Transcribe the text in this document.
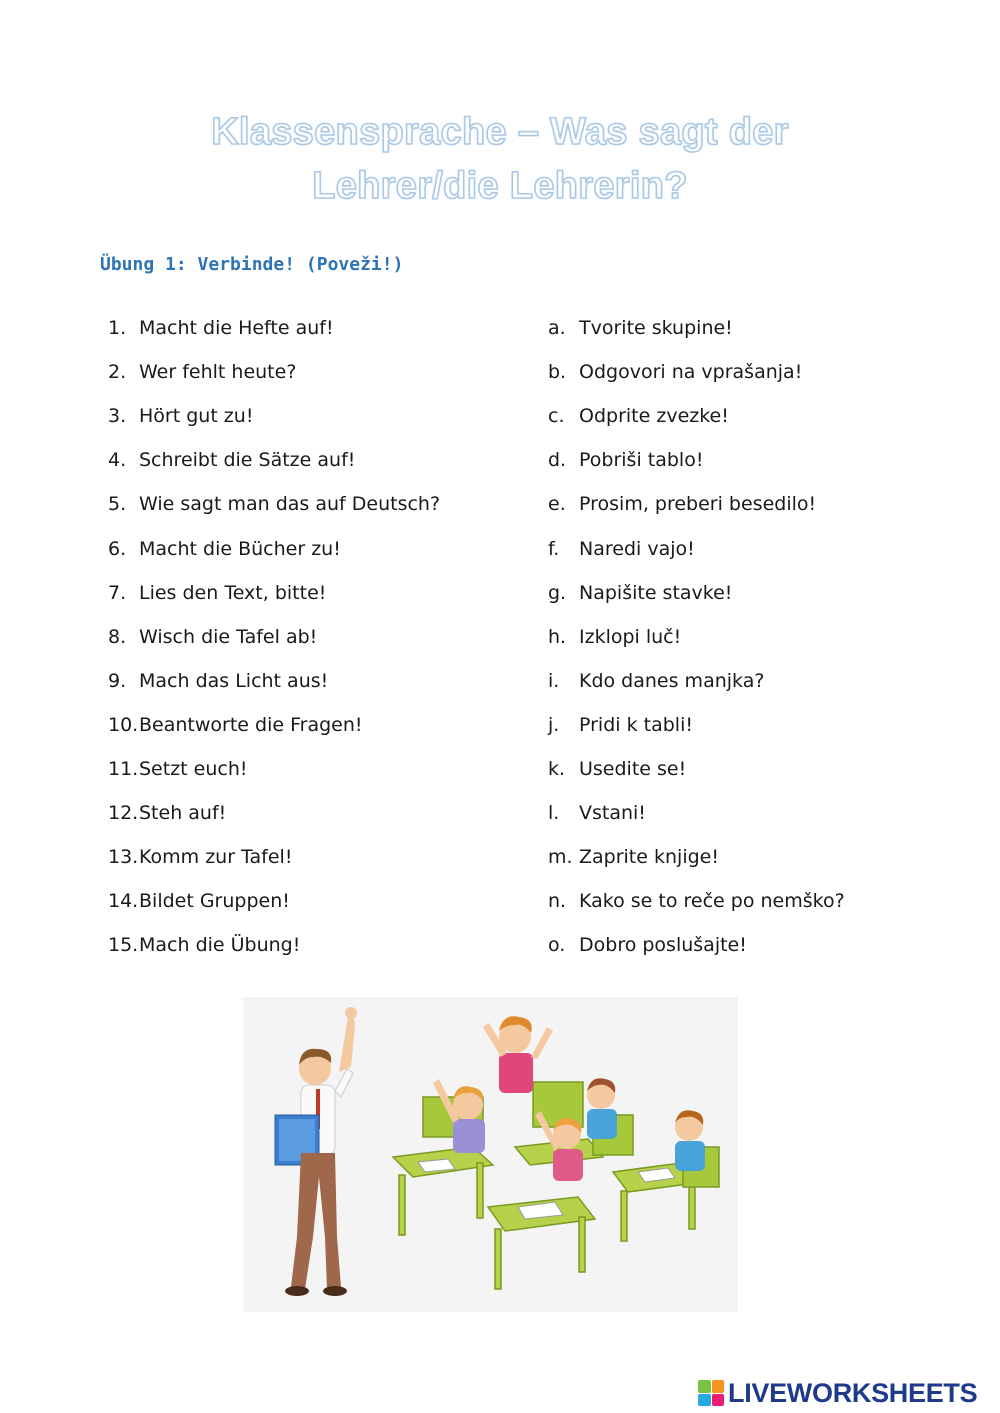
Klassensprache – Was sagt der
Lehrer/die Lehrerin?
Übung 1: Verbinde! (Poveži!)
1. Macht die Hefte auf!
2. Wer fehlt heute?
3. Hört gut zu!
4. Schreibt die Sätze auf!
5. Wie sagt man das auf Deutsch?
6. Macht die Bücher zu!
7. Lies den Text, bitte!
8. Wisch die Tafel ab!
9. Mach das Licht aus!
10. Beantworte die Fragen!
11. Setzt euch!
12. Steh auf!
13. Komm zur Tafel!
14. Bildet Gruppen!
15. Mach die Übung!
a. Tvorite skupine!
b. Odgovori na vprašanja!
c. Odprite zvezke!
d. Pobriši tablo!
e. Prosim, preberi besedilo!
f.	Naredi vajo!
g. Napišite stavke!
h. Izklopi luč!
i.	Kdo danes manjka?
j.	Pridi k tabli!
k. Usedite se!
l.	Vstani!
m. Zaprite knjige!
n. Kako se to reče po nemško?
o. Dobro poslušajte!
LIVEWORKSHEETS
